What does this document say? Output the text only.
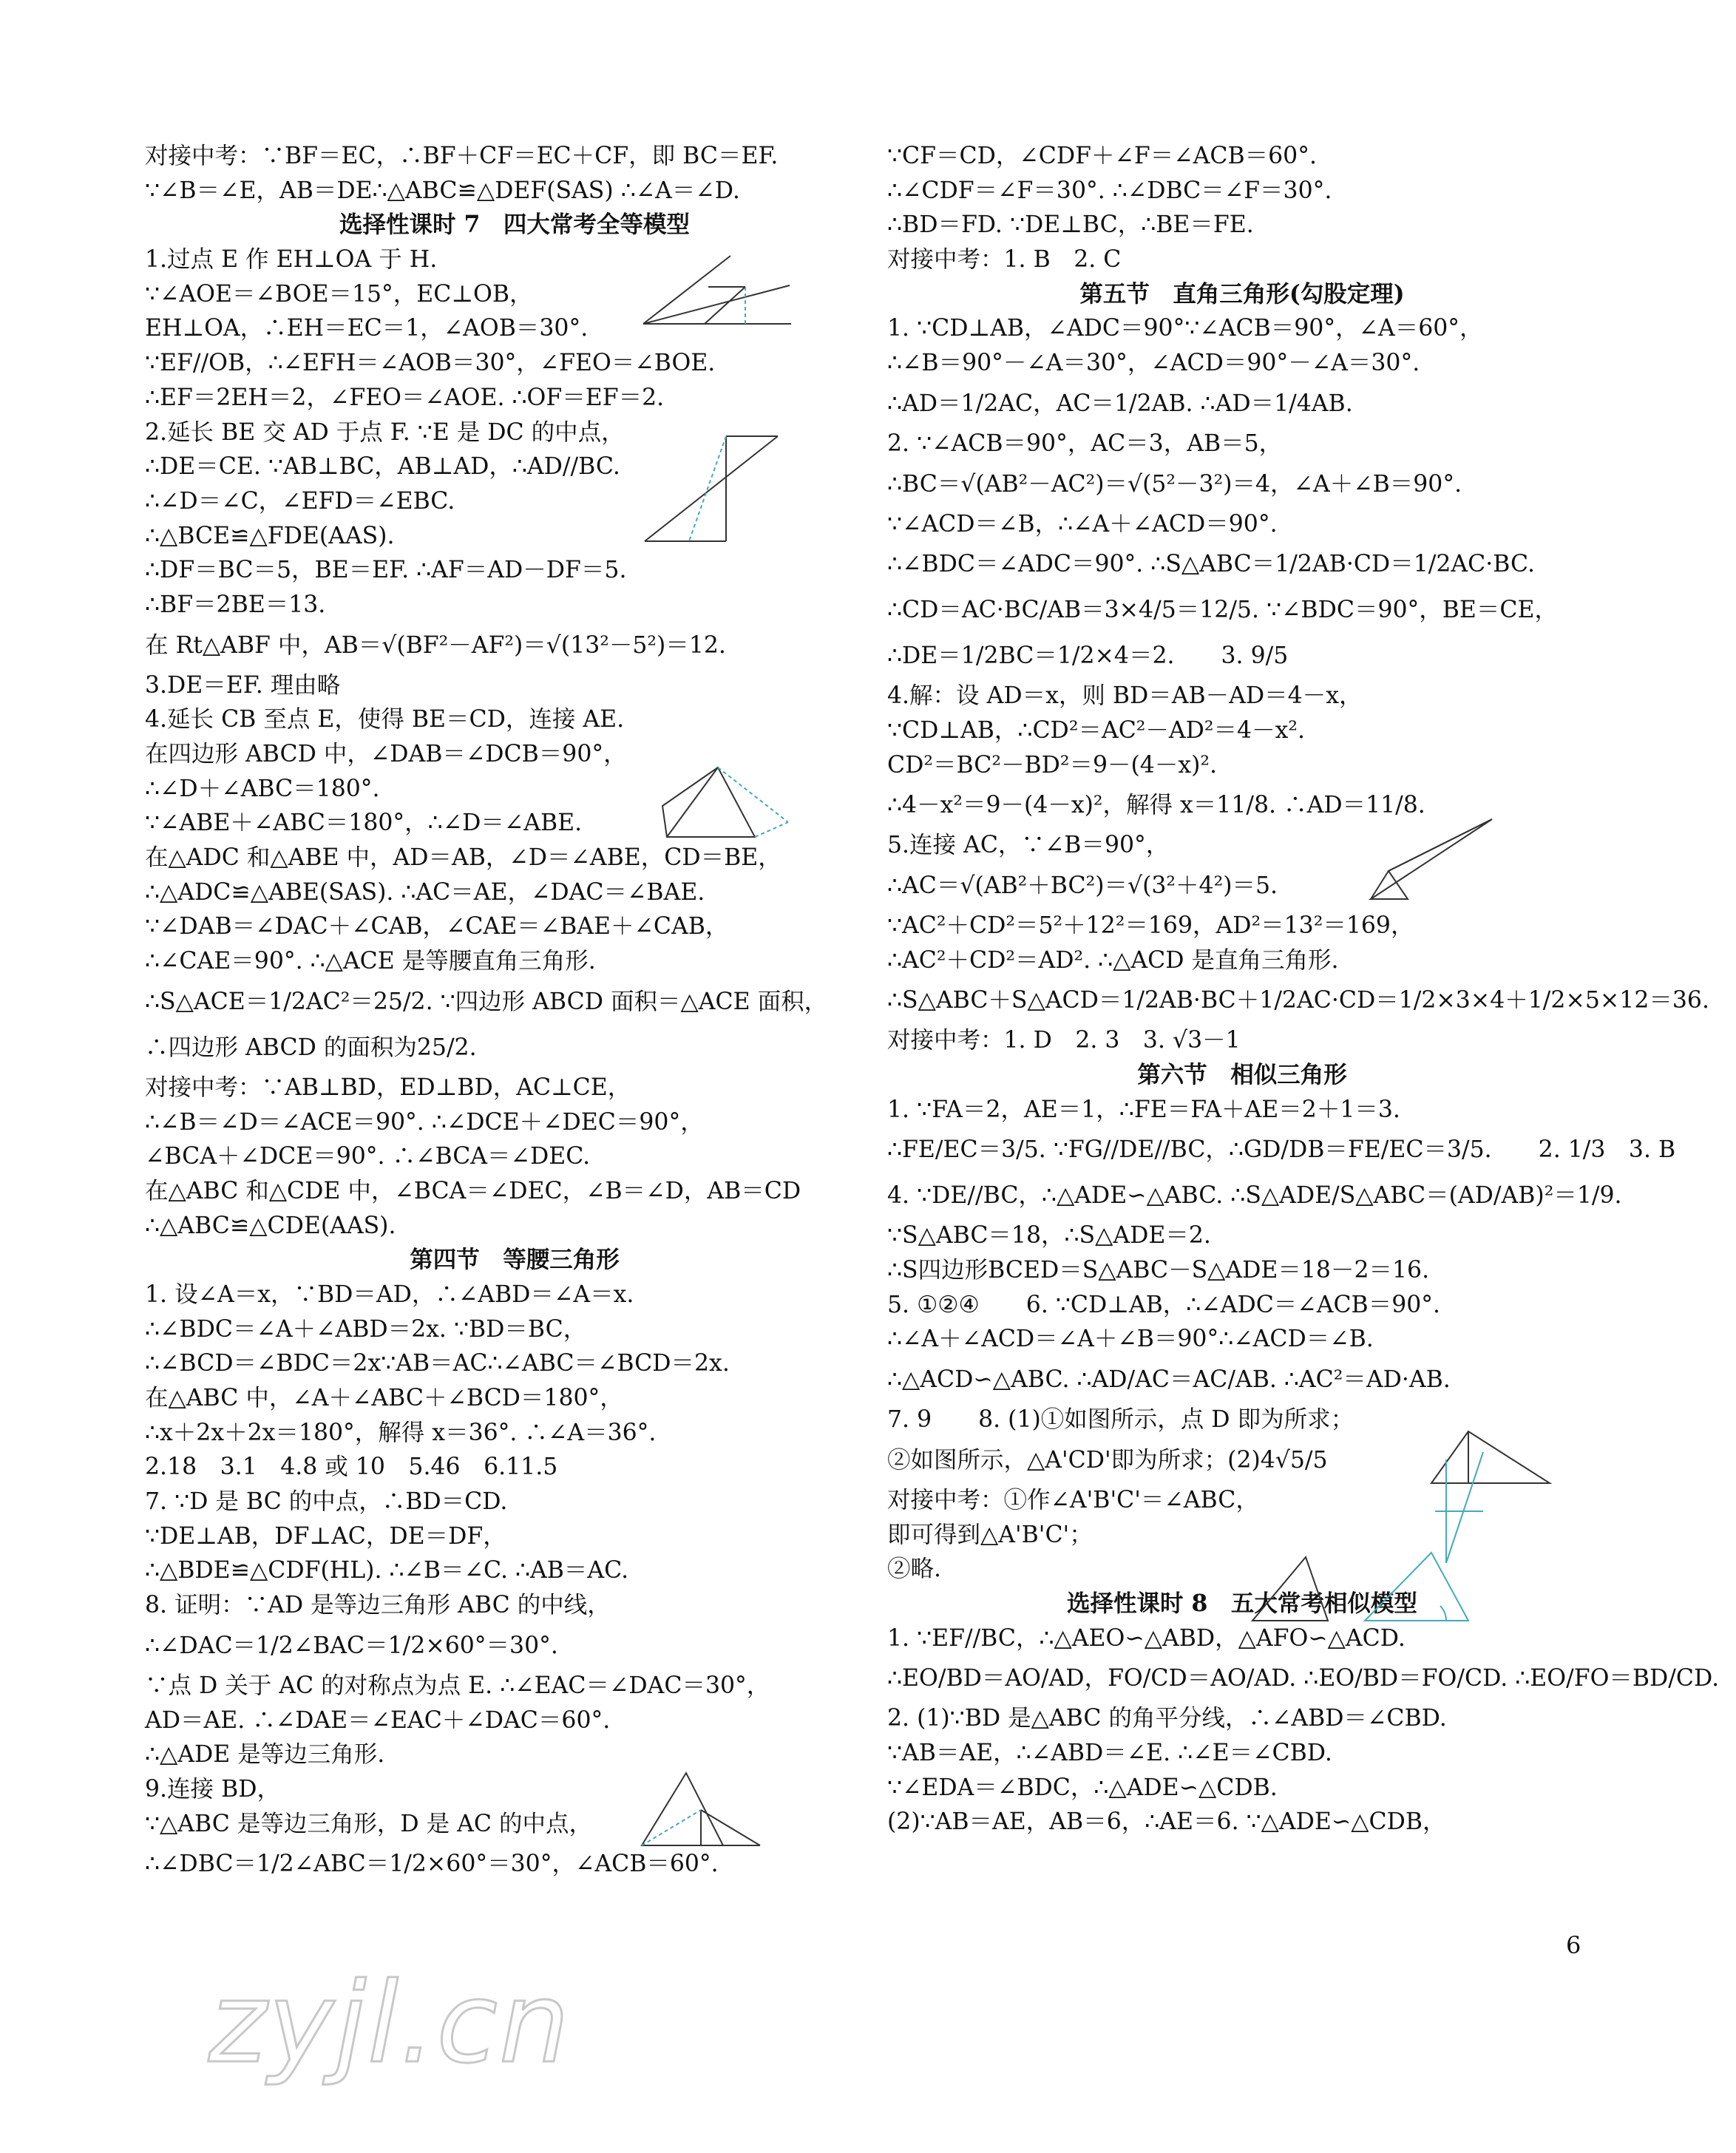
对接中考：∵BF＝EC，∴BF＋CF＝EC＋CF，即 BC＝EF.
∵∠B＝∠E，AB＝DE∴△ABC≌△DEF(SAS) ∴∠A＝∠D.
选择性课时 7　四大常考全等模型
1.过点 E 作 EH⊥OA 于 H.
∵∠AOE＝∠BOE＝15°，EC⊥OB，
EH⊥OA，∴EH＝EC＝1，∠AOB＝30°.
∵EF//OB，∴∠EFH＝∠AOB＝30°，∠FEO＝∠BOE.
∴EF＝2EH＝2，∠FEO＝∠AOE. ∴OF＝EF＝2.
2.延长 BE 交 AD 于点 F. ∵E 是 DC 的中点，
∴DE＝CE. ∵AB⊥BC，AB⊥AD，∴AD//BC.
∴∠D＝∠C，∠EFD＝∠EBC.
∴△BCE≌△FDE(AAS).
∴DF＝BC＝5，BE＝EF. ∴AF＝AD－DF＝5.
∴BF＝2BE＝13.
在 Rt△ABF 中，AB＝√(BF²－AF²)＝√(13²－5²)＝12.
3.DE＝EF. 理由略
4.延长 CB 至点 E，使得 BE＝CD，连接 AE.
在四边形 ABCD 中，∠DAB＝∠DCB＝90°，
∴∠D＋∠ABC＝180°.
∵∠ABE＋∠ABC＝180°，∴∠D＝∠ABE.
在△ADC 和△ABE 中，AD＝AB，∠D＝∠ABE，CD＝BE，
∴△ADC≌△ABE(SAS). ∴AC＝AE，∠DAC＝∠BAE.
∵∠DAB＝∠DAC＋∠CAB，∠CAE＝∠BAE＋∠CAB，
∴∠CAE＝90°. ∴△ACE 是等腰直角三角形.
∴S△ACE＝1/2AC²＝25/2. ∵四边形 ABCD 面积＝△ACE 面积，
∴四边形 ABCD 的面积为25/2.
对接中考：∵AB⊥BD，ED⊥BD，AC⊥CE，
∴∠B＝∠D＝∠ACE＝90°. ∴∠DCE＋∠DEC＝90°，
∠BCA＋∠DCE＝90°. ∴∠BCA＝∠DEC.
在△ABC 和△CDE 中，∠BCA＝∠DEC，∠B＝∠D，AB＝CD
∴△ABC≌△CDE(AAS).
第四节　等腰三角形
1. 设∠A＝x，∵BD＝AD，∴∠ABD＝∠A＝x.
∴∠BDC＝∠A＋∠ABD＝2x. ∵BD＝BC，
∴∠BCD＝∠BDC＝2x∵AB＝AC∴∠ABC＝∠BCD＝2x.
在△ABC 中，∠A＋∠ABC＋∠BCD＝180°，
∴x＋2x＋2x＝180°，解得 x＝36°. ∴∠A＝36°.
2.18　3.1　4.8 或 10　5.46　6.11.5
7. ∵D 是 BC 的中点，∴BD＝CD.
∵DE⊥AB，DF⊥AC，DE＝DF，
∴△BDE≌△CDF(HL). ∴∠B＝∠C. ∴AB＝AC.
8. 证明：∵AD 是等边三角形 ABC 的中线，
∴∠DAC＝1/2∠BAC＝1/2×60°＝30°.
∵点 D 关于 AC 的对称点为点 E. ∴∠EAC＝∠DAC＝30°，
AD＝AE. ∴∠DAE＝∠EAC＋∠DAC＝60°.
∴△ADE 是等边三角形.
9.连接 BD，
∵△ABC 是等边三角形，D 是 AC 的中点，
∴∠DBC＝1/2∠ABC＝1/2×60°＝30°，∠ACB＝60°.
∵CF＝CD，∠CDF＋∠F＝∠ACB＝60°.
∴∠CDF＝∠F＝30°. ∴∠DBC＝∠F＝30°.
∴BD＝FD. ∵DE⊥BC，∴BE＝FE.
对接中考：1. B　2. C
第五节　直角三角形(勾股定理)
1. ∵CD⊥AB，∠ADC＝90°∵∠ACB＝90°，∠A＝60°，
∴∠B＝90°－∠A＝30°，∠ACD＝90°－∠A＝30°.
∴AD＝1/2AC，AC＝1/2AB. ∴AD＝1/4AB.
2. ∵∠ACB＝90°，AC＝3，AB＝5，
∴BC＝√(AB²－AC²)＝√(5²－3²)＝4，∠A＋∠B＝90°.
∵∠ACD＝∠B，∴∠A＋∠ACD＝90°.
∴∠BDC＝∠ADC＝90°. ∴S△ABC＝1/2AB·CD＝1/2AC·BC.
∴CD＝AC·BC/AB＝3×4/5＝12/5. ∵∠BDC＝90°，BE＝CE，
∴DE＝1/2BC＝1/2×4＝2.　　3. 9/5
4.解：设 AD＝x，则 BD＝AB－AD＝4－x，
∵CD⊥AB，∴CD²＝AC²－AD²＝4－x².
CD²＝BC²－BD²＝9－(4－x)².
∴4－x²＝9－(4－x)²，解得 x＝11/8. ∴AD＝11/8.
5.连接 AC，∵∠B＝90°，
∴AC＝√(AB²＋BC²)＝√(3²＋4²)＝5.
∵AC²＋CD²＝5²＋12²＝169，AD²＝13²＝169，
∴AC²＋CD²＝AD². ∴△ACD 是直角三角形.
∴S△ABC＋S△ACD＝1/2AB·BC＋1/2AC·CD＝1/2×3×4＋1/2×5×12＝36.
对接中考：1. D　2. 3　3. √3－1
第六节　相似三角形
1. ∵FA＝2，AE＝1，∴FE＝FA＋AE＝2＋1＝3.
∴FE/EC＝3/5. ∵FG//DE//BC，∴GD/DB＝FE/EC＝3/5.　　2. 1/3　3. B
4. ∵DE//BC，∴△ADE∽△ABC. ∴S△ADE/S△ABC＝(AD/AB)²＝1/9.
∵S△ABC＝18，∴S△ADE＝2.
∴S四边形BCED＝S△ABC－S△ADE＝18－2＝16.
5. ①②④　　6. ∵CD⊥AB，∴∠ADC＝∠ACB＝90°.
∴∠A＋∠ACD＝∠A＋∠B＝90°∴∠ACD＝∠B.
∴△ACD∽△ABC. ∴AD/AC＝AC/AB. ∴AC²＝AD·AB.
7. 9　　8. (1)①如图所示，点 D 即为所求；
②如图所示，△A'CD'即为所求；(2)4√5/5
对接中考：①作∠A'B'C'＝∠ABC，
即可得到△A'B'C'；
②略.
选择性课时 8　五大常考相似模型
1. ∵EF//BC，∴△AEO∽△ABD，△AFO∽△ACD.
∴EO/BD＝AO/AD，FO/CD＝AO/AD. ∴EO/BD＝FO/CD. ∴EO/FO＝BD/CD.
2. (1)∵BD 是△ABC 的角平分线，∴∠ABD＝∠CBD.
∵AB＝AE，∴∠ABD＝∠E. ∴∠E＝∠CBD.
∵∠EDA＝∠BDC，∴△ADE∽△CDB.
(2)∵AB＝AE，AB＝6，∴AE＝6. ∵△ADE∽△CDB，
6
zyjl.cn
